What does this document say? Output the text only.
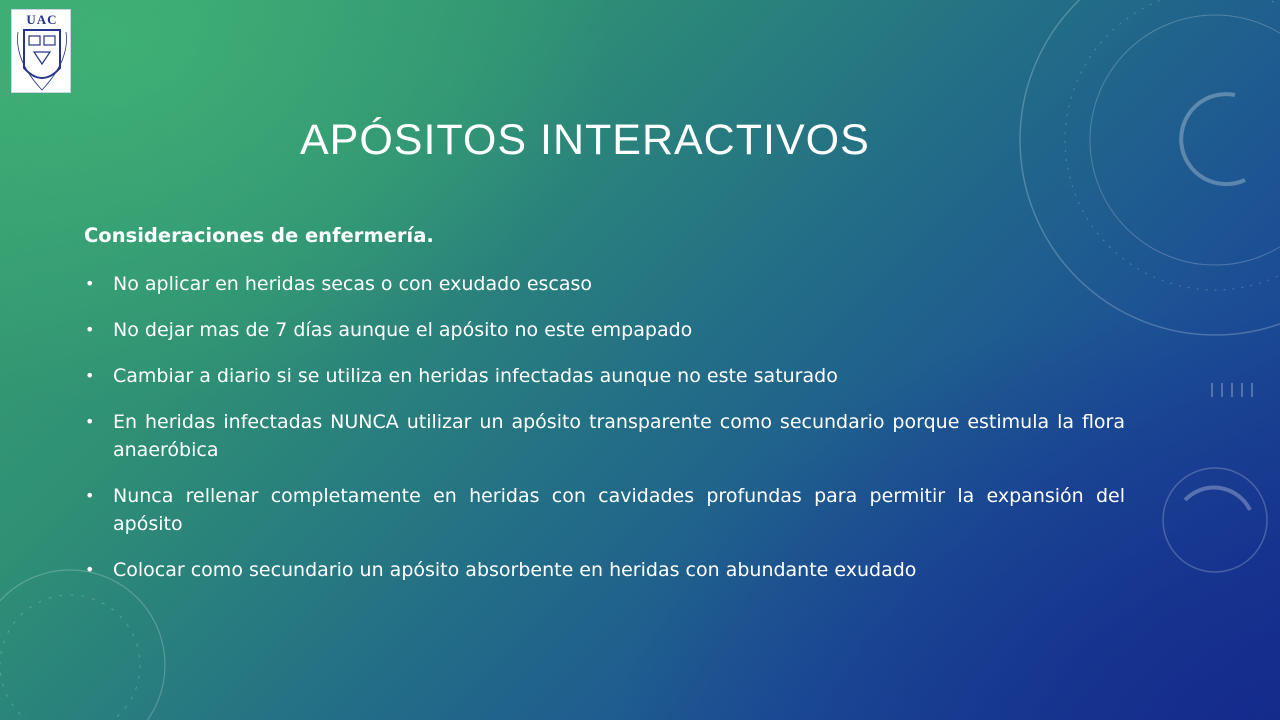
UAC
APÓSITOS INTERACTIVOS
Consideraciones de enfermería.
• No aplicar en heridas secas o con exudado escaso
• No dejar mas de 7 días aunque el apósito no este empapado
• Cambiar a diario si se utiliza en heridas infectadas aunque no este saturado
• En heridas infectadas NUNCA utilizar un apósito transparente como secundario porque estimula la flora anaeróbica
• Nunca rellenar completamente en heridas con cavidades profundas para permitir la expansión del apósito
• Colocar como secundario un apósito absorbente en heridas con abundante exudado
